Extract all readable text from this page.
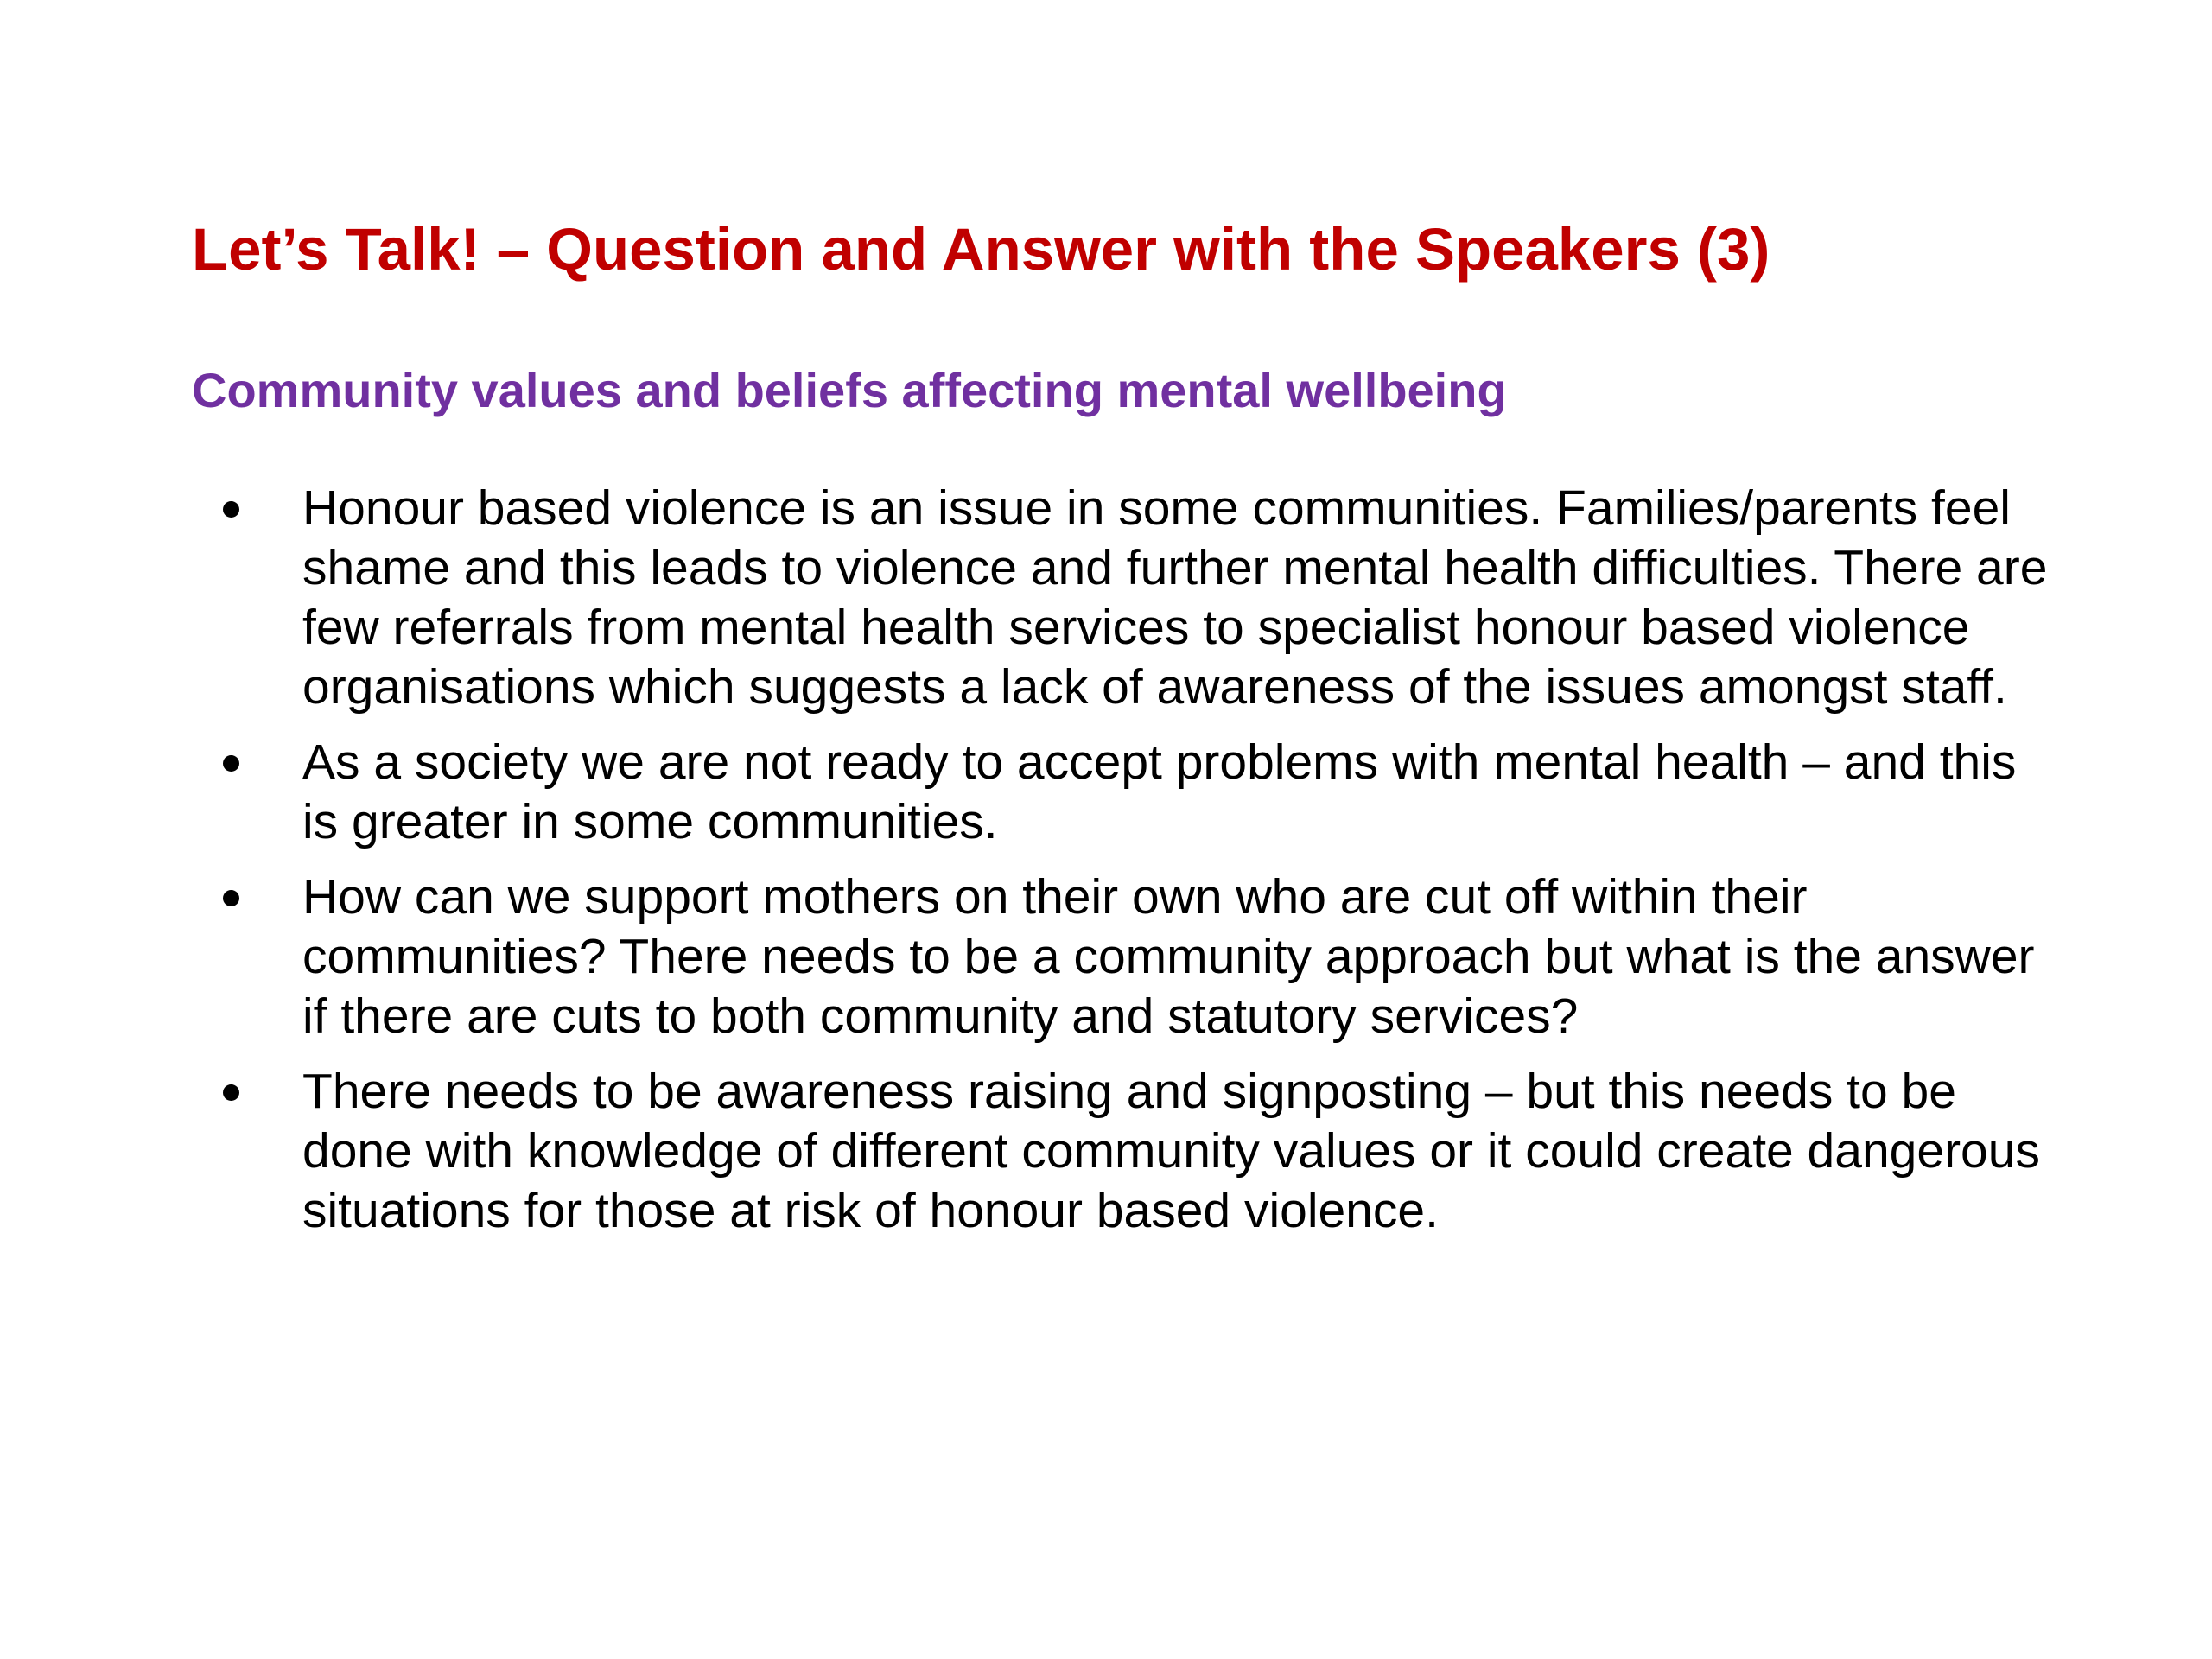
Let’s Talk! – Question and Answer with the Speakers (3)
Community values and beliefs affecting mental wellbeing
Honour based violence is an issue in some communities. Families/parents feel shame and this leads to violence and further mental health difficulties. There are few referrals from mental health services to specialist honour based violence organisations which suggests a lack of awareness of the issues amongst staff.
As a society we are not ready to accept problems with mental health – and this is greater in some communities.
How can we support mothers on their own who are cut off within their communities? There needs to be a community approach but what is the answer if there are cuts to both community and statutory services?
There needs to be awareness raising and signposting – but this needs to be done with knowledge of different community values or it could create dangerous situations for those at risk of honour based violence.
